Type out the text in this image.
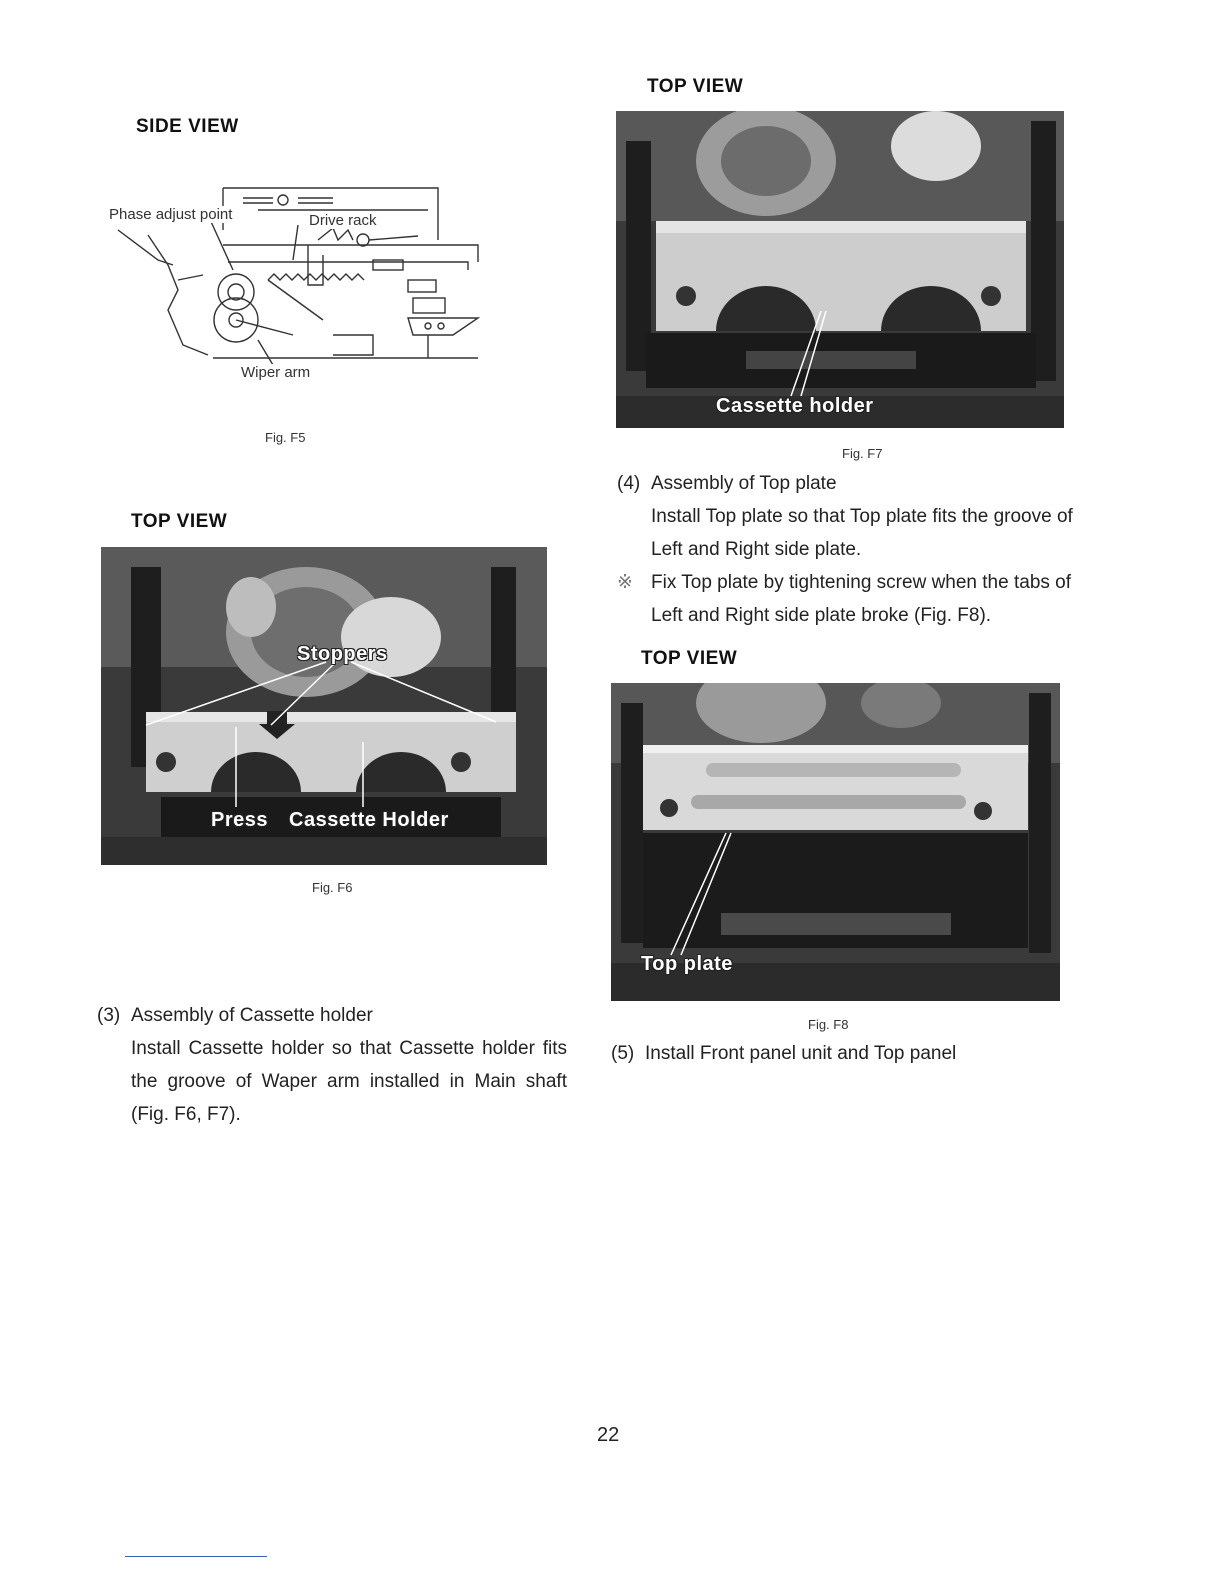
SIDE VIEW
Phase adjust point	Drive rack
Wiper arm
Fig. F5
TOP VIEW
Stoppers
Press Cassette Holder
Fig. F6
(3) Assembly of Cassette holder
Install Cassette holder so that Cassette holder fits the groove of Waper arm installed in Main shaft (Fig. F6, F7).
TOP VIEW
Cassette holder
Fig. F7
(4) Assembly of Top plate
Install Top plate so that Top plate fits the groove of Left and Right side plate.
※ Fix Top plate by tightening screw when the tabs of Left and Right side plate broke (Fig. F8).
TOP VIEW
Top plate
Fig. F8
(5) Install Front panel unit and Top panel
22
